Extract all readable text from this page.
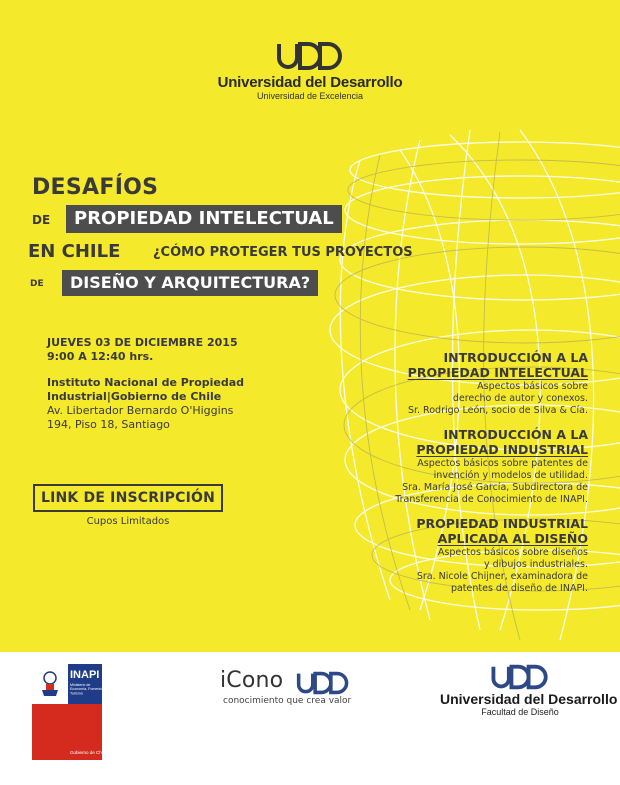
Universidad del Desarrollo
Universidad de Excelencia
DESAFÍOS
DE	PROPIEDAD INTELECTUAL
EN CHILE	¿CÓMO PROTEGER TUS PROYECTOS
DE	DISEÑO Y ARQUITECTURA?
JUEVES 03 DE DICIEMBRE 2015
9:00 A 12:40 hrs.
Instituto Nacional de Propiedad
Industrial|Gobierno de Chile
Av. Libertador Bernardo O'Higgins
194, Piso 18, Santiago
LINK DE INSCRIPCIÓN
Cupos Limitados
INTRODUCCIÓN A LA
PROPIEDAD INTELECTUAL
Aspectos básicos sobre
derecho de autor y conexos.
Sr. Rodrigo León, socio de Silva & Cía.
INTRODUCCIÓN A LA
PROPIEDAD INDUSTRIAL
Aspectos básicos sobre patentes de
invención y modelos de utilidad.
Sra. María José García, Subdirectora de
Transferencia de Conocimiento de INAPI.
PROPIEDAD INDUSTRIAL
APLICADA AL DISEÑO
Aspectos básicos sobre diseños
y dibujos industriales.
Sra. Nicole Chijner, examinadora de
patentes de diseño de INAPI.
INAPI
Ministerio de Economía, Fomento y Turismo
Gobierno de Chile
iCono
conocimiento que crea valor	Universidad del Desarrollo
Facultad de Diseño
